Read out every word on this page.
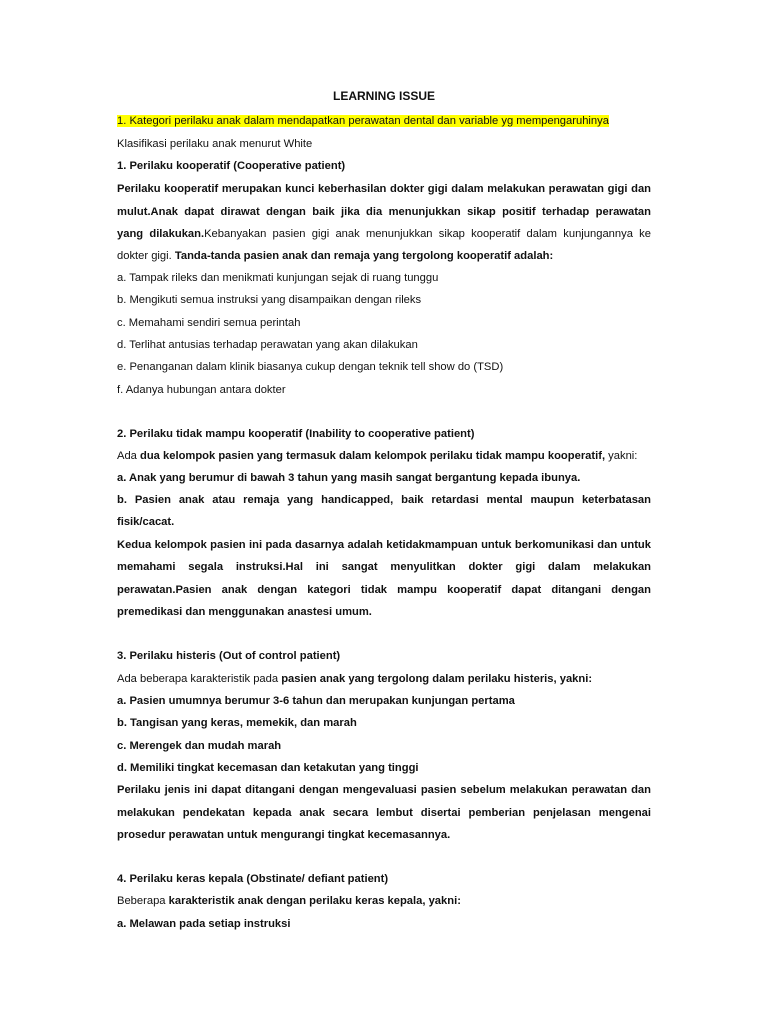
LEARNING ISSUE
1. Kategori perilaku anak dalam mendapatkan perawatan dental dan variable yg mempengaruhinya
Klasifikasi perilaku anak menurut White
1. Perilaku kooperatif (Cooperative patient)
Perilaku kooperatif merupakan kunci keberhasilan dokter gigi dalam melakukan perawatan gigi dan
mulut.Anak dapat dirawat dengan baik jika dia menunjukkan sikap positif terhadap perawatan
yang dilakukan.Kebanyakan pasien gigi anak menunjukkan sikap kooperatif dalam kunjungannya ke
dokter gigi. Tanda-tanda pasien anak dan remaja yang tergolong kooperatif adalah:
a. Tampak rileks dan menikmati kunjungan sejak di ruang tunggu
b. Mengikuti semua instruksi yang disampaikan dengan rileks
c. Memahami sendiri semua perintah
d. Terlihat antusias terhadap perawatan yang akan dilakukan
e. Penanganan dalam klinik biasanya cukup dengan teknik tell show do (TSD)
f. Adanya hubungan antara dokter
2. Perilaku tidak mampu kooperatif (Inability to cooperative patient)
Ada dua kelompok pasien yang termasuk dalam kelompok perilaku tidak mampu kooperatif, yakni:
a. Anak yang berumur di bawah 3 tahun yang masih sangat bergantung kepada ibunya.
b. Pasien anak atau remaja yang handicapped, baik retardasi mental maupun keterbatasan
fisik/cacat.
Kedua kelompok pasien ini pada dasarnya adalah ketidakmampuan untuk berkomunikasi dan untuk
memahami segala instruksi.Hal ini sangat menyulitkan dokter gigi dalam melakukan
perawatan.Pasien anak dengan kategori tidak mampu kooperatif dapat ditangani dengan
premedikasi dan menggunakan anastesi umum.
3. Perilaku histeris (Out of control patient)
Ada beberapa karakteristik pada pasien anak yang tergolong dalam perilaku histeris, yakni:
a. Pasien umumnya berumur 3-6 tahun dan merupakan kunjungan pertama
b. Tangisan yang keras, memekik, dan marah
c. Merengek dan mudah marah
d. Memiliki tingkat kecemasan dan ketakutan yang tinggi
Perilaku jenis ini dapat ditangani dengan mengevaluasi pasien sebelum melakukan perawatan dan
melakukan pendekatan kepada anak secara lembut disertai pemberian penjelasan mengenai
prosedur perawatan untuk mengurangi tingkat kecemasannya.
4. Perilaku keras kepala (Obstinate/ defiant patient)
Beberapa karakteristik anak dengan perilaku keras kepala, yakni:
a. Melawan pada setiap instruksi
